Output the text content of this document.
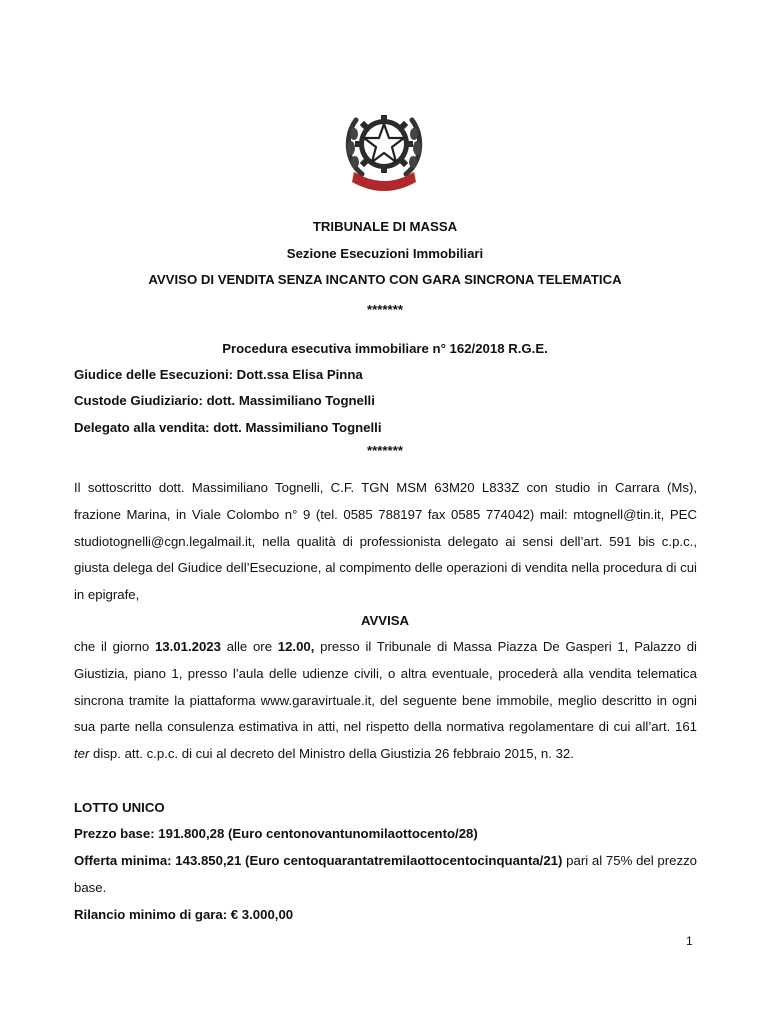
TRIBUNALE DI MASSA
Sezione Esecuzioni Immobiliari
AVVISO DI VENDITA SENZA INCANTO CON GARA SINCRONA TELEMATICA
*******
Procedura esecutiva immobiliare n° 162/2018 R.G.E.
Giudice delle Esecuzioni: Dott.ssa Elisa Pinna
Custode Giudiziario: dott. Massimiliano Tognelli
Delegato alla vendita: dott. Massimiliano Tognelli
*******

Il sottoscritto dott. Massimiliano Tognelli, C.F. TGN MSM 63M20 L833Z con studio in Carrara (Ms), frazione Marina, in Viale Colombo n° 9 (tel. 0585 788197 fax 0585 774042) mail: mtognell@tin.it, PEC studiotognelli@cgn.legalmail.it, nella qualità di professionista delegato ai sensi dell’art. 591 bis c.p.c., giusta delega del Giudice dell’Esecuzione, al compimento delle operazioni di vendita nella procedura di cui in epigrafe,

AVVISA

che il giorno 13.01.2023 alle ore 12.00, presso il Tribunale di Massa Piazza De Gasperi 1, Palazzo di Giustizia, piano 1, presso l’aula delle udienze civili, o altra eventuale, procederà alla vendita telematica sincrona tramite la piattaforma www.garavirtuale.it, del seguente bene immobile, meglio descritto in ogni sua parte nella consulenza estimativa in atti, nel rispetto della normativa regolamentare di cui all’art. 161 ter disp. att. c.p.c. di cui al decreto del Ministro della Giustizia 26 febbraio 2015, n. 32.

LOTTO UNICO
Prezzo base: 191.800,28 (Euro centonovantunomilaottocento/28)

Offerta minima: 143.850,21 (Euro centoquarantatremilaottocentocinquanta/21) pari al 75% del prezzo base.

Rilancio minimo di gara: € 3.000,00
1
